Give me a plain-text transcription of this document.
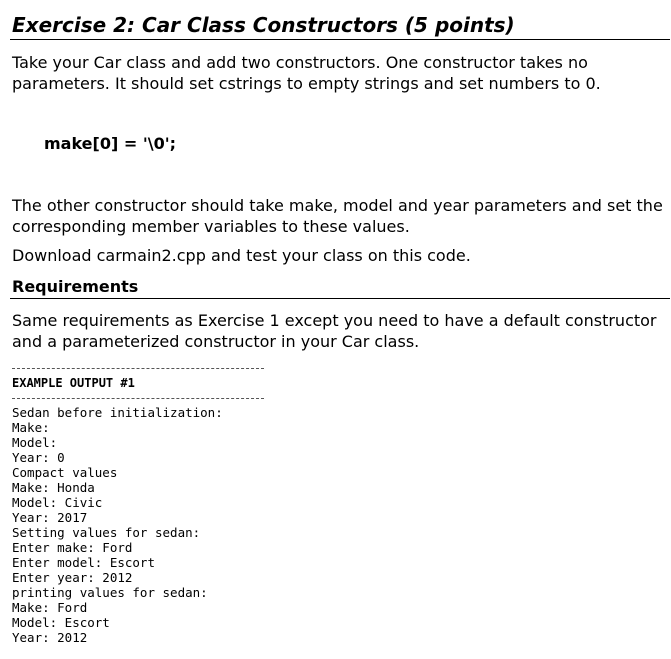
Exercise 2: Car Class Constructors (5 points)
Take your Car class and add two constructors. One constructor takes no parameters. It should set cstrings to empty strings and set numbers to 0.
make[0] = '\0';
The other constructor should take make, model and year parameters and set the corresponding member variables to these values.
Download carmain2.cpp and test your class on this code.
Requirements
Same requirements as Exercise 1 except you need to have a default constructor and a parameterized constructor in your Car class.
EXAMPLE OUTPUT #1
Sedan before initialization:
Make:
Model:
Year: 0
Compact values
Make: Honda
Model: Civic
Year: 2017
Setting values for sedan:
Enter make: Ford
Enter model: Escort
Enter year: 2012
printing values for sedan:
Make: Ford
Model: Escort
Year: 2012
